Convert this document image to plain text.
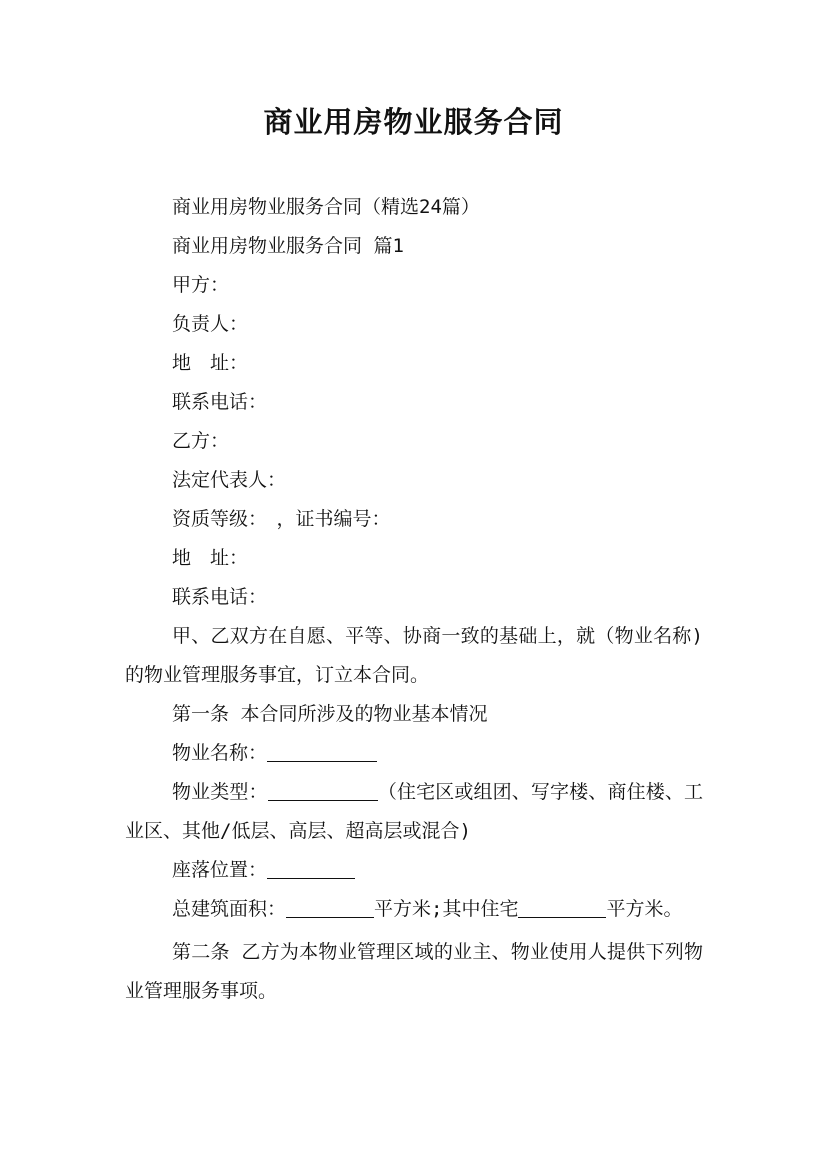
商业用房物业服务合同

商业用房物业服务合同（精选24篇）

商业用房物业服务合同 篇1

甲方：

负责人：

地　址：

联系电话：

乙方：

法定代表人：

资质等级：　，证书编号：

地　址：

联系电话：

甲、乙双方在自愿、平等、协商一致的基础上，就（物业名称)的物业管理服务事宜，订立本合同。

第一条 本合同所涉及的物业基本情况

物业名称：

物业类型：	（住宅区或组团、写字楼、商住楼、工业区、其他/低层、高层、超高层或混合)

座落位置：

总建筑面积：	平方米;其中住宅	平方米。

第二条 乙方为本物业管理区域的业主、物业使用人提供下列物业管理服务事项。
